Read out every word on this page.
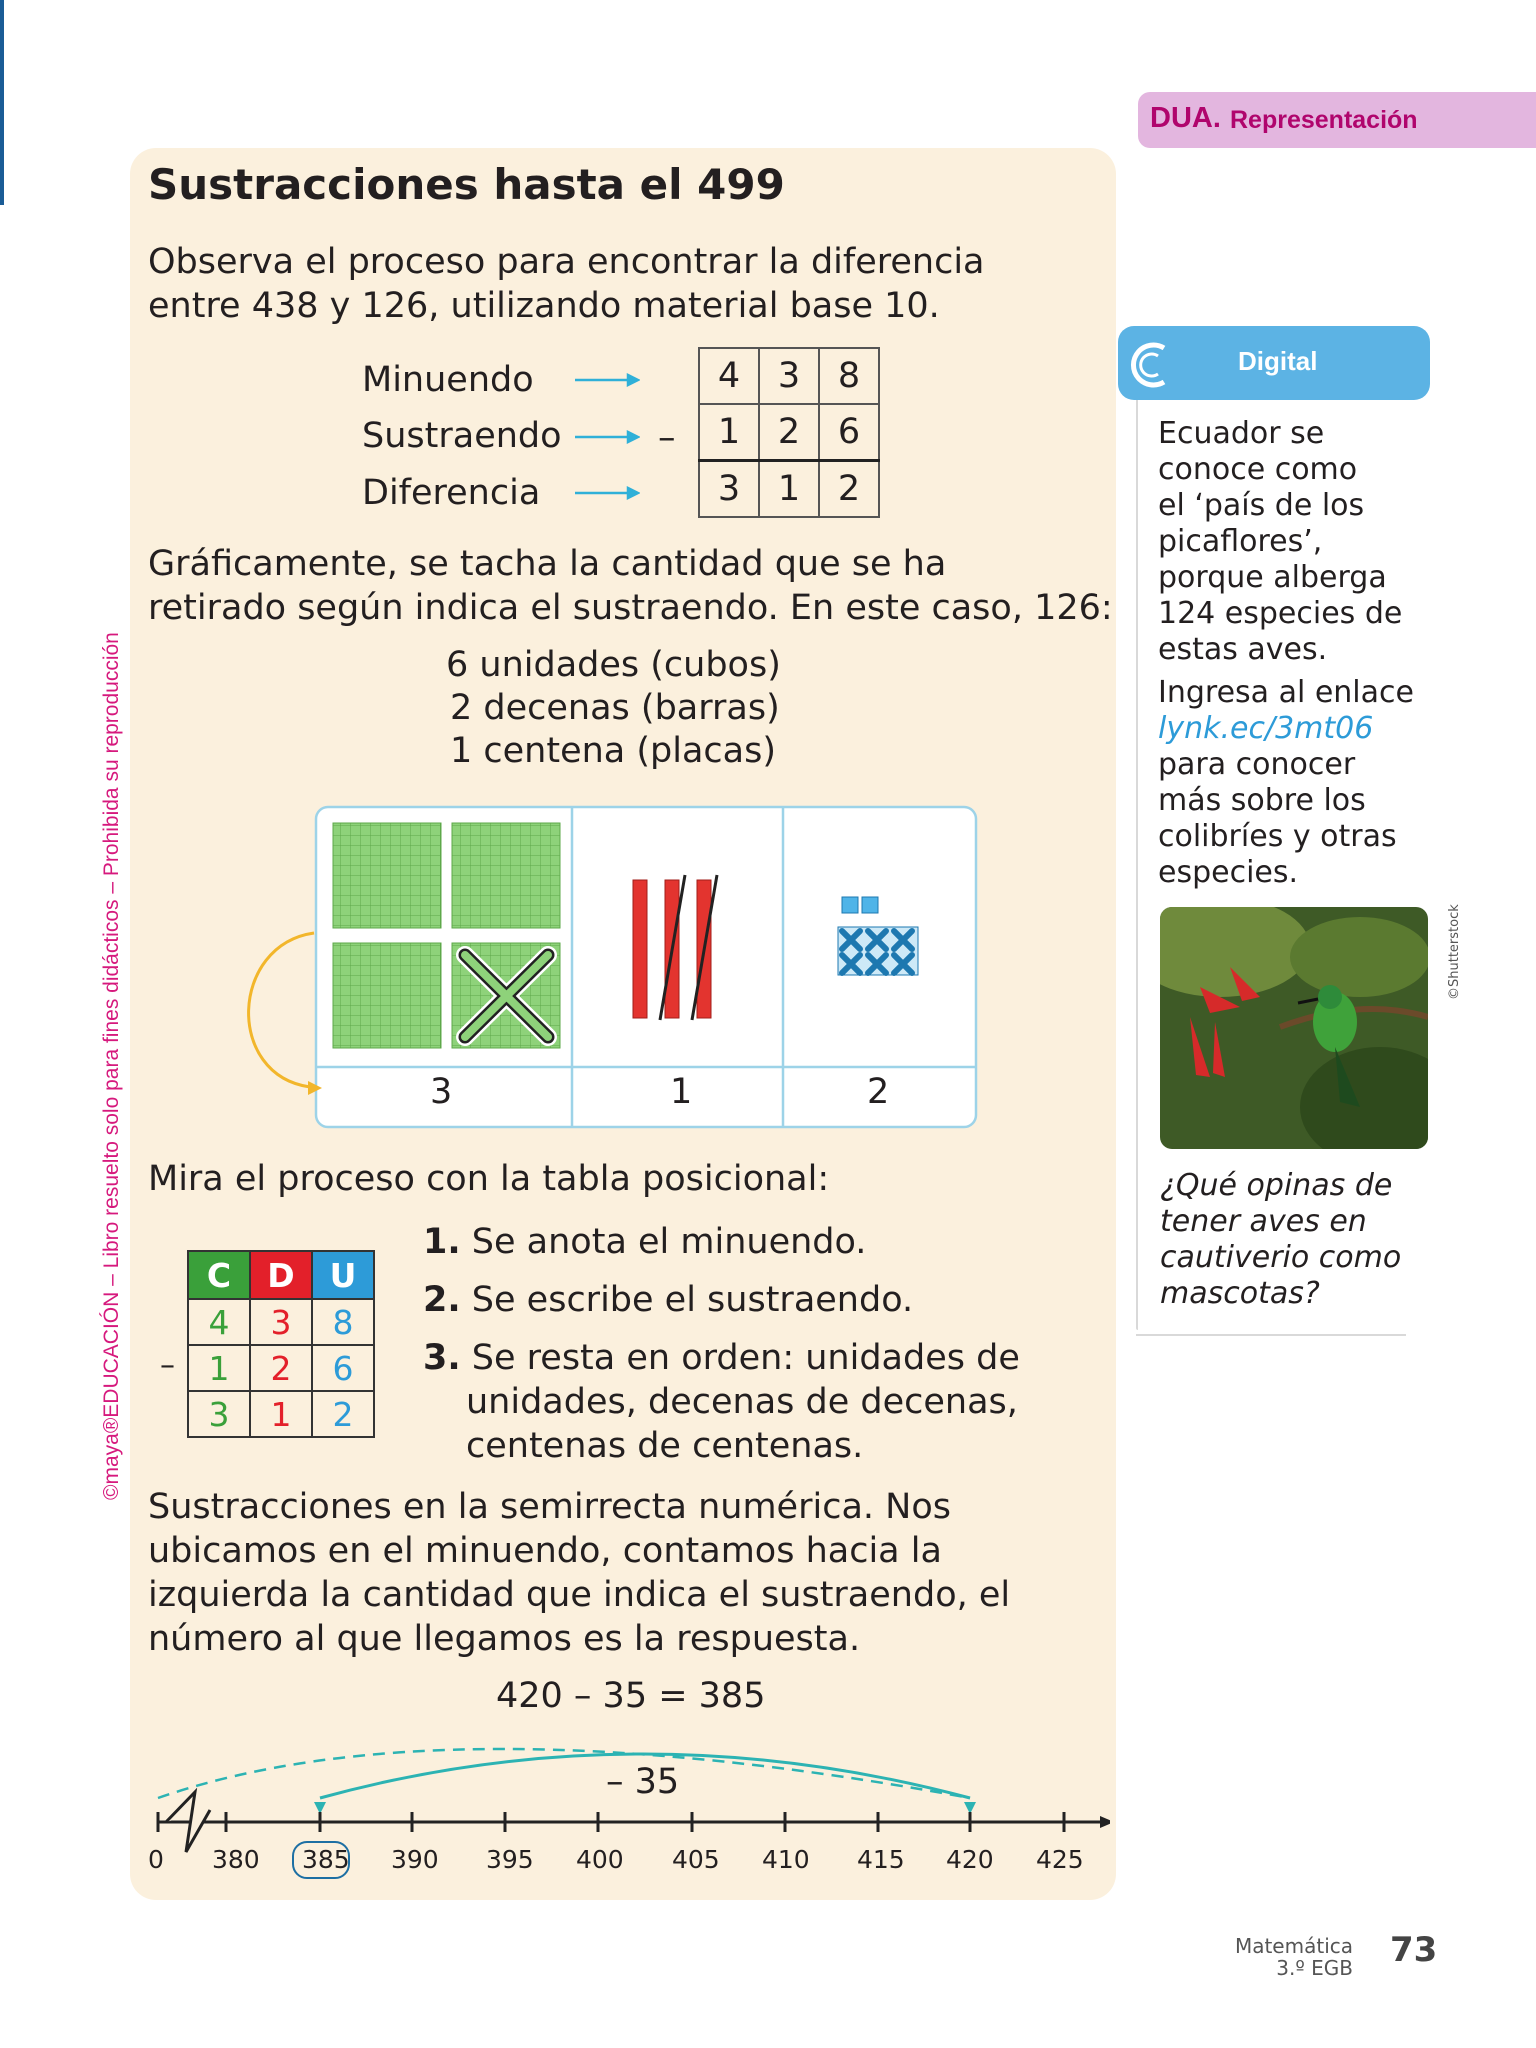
DUA. Representación
©maya®EDUCACIÓN – Libro resuelto solo para fines didácticos – Prohibida su reproducción
Sustracciones hasta el 499
Observa el proceso para encontrar la diferencia
entre 438 y 126, utilizando material base 10.
Minuendo
Sustraendo
Diferencia
–
4	3	8
1	2	6
3	1	2
Gráficamente, se tacha la cantidad que se ha
retirado según indica el sustraendo. En este caso, 126:
6 unidades (cubos)
2 decenas (barras)
1 centena (placas)
3	1	2
Mira el proceso con la tabla posicional:
C	D	U
4	3	8
1	2	6
3	1	2
–
1. Se anota el minuendo.
2. Se escribe el sustraendo.
3. Se resta en orden: unidades de
unidades, decenas de decenas,
centenas de centenas.
Sustracciones en la semirrecta numérica. Nos
ubicamos en el minuendo, contamos hacia la
izquierda la cantidad que indica el sustraendo, el
número al que llegamos es la respuesta.
420 – 35 = 385
– 35
0 380 385 390 395 400 405 410 415 420 425
Digital
Ecuador se
conoce como
el ‘país de los
picaflores’,
porque alberga
124 especies de
estas aves.
Ingresa al enlace
lynk.ec/3mt06
para conocer
más sobre los
colibríes y otras
especies.
©Shutterstock
¿Qué opinas de
tener aves en
cautiverio como
mascotas?
Matemática
3.º EGB 73
